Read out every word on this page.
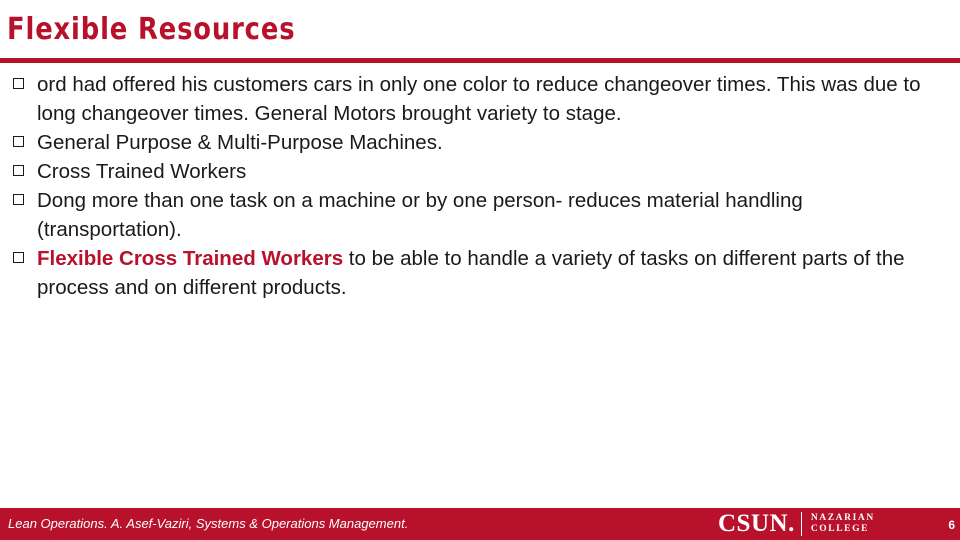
Flexible Resources
ord had offered his customers cars in only one color to reduce changeover times. This was due to long changeover times. General Motors brought variety to stage.
General Purpose & Multi-Purpose Machines.
Cross Trained Workers
Dong more than one task on a machine or by one person- reduces material handling (transportation).
Flexible Cross Trained Workers to be able to handle a variety of tasks on different parts of the process and on different products.
Lean Operations. A. Asef-Vaziri, Systems & Operations Management.	CSUN. NAZARIAN
COLLEGE	6
